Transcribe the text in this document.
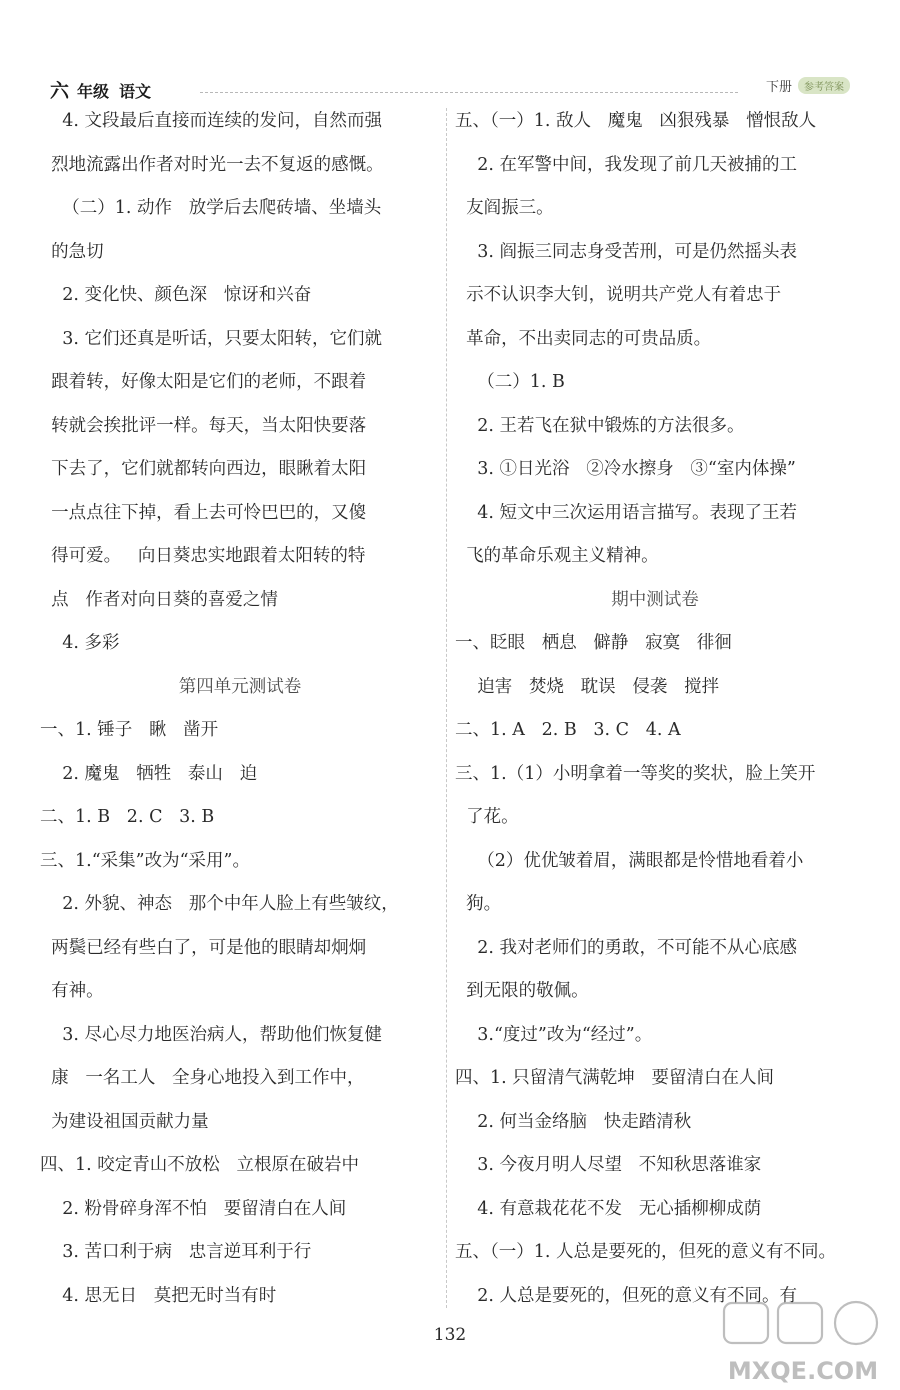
六 年级 语文	下册 参考答案
4. 文段最后直接而连续的发问，自然而强
烈地流露出作者对时光一去不复返的感慨。
（二）1. 动作   放学后去爬砖墙、坐墙头
的急切
2. 变化快、颜色深   惊讶和兴奋
3. 它们还真是听话，只要太阳转，它们就
跟着转，好像太阳是它们的老师，不跟着
转就会挨批评一样。每天，当太阳快要落
下去了，它们就都转向西边，眼瞅着太阳
一点点往下掉，看上去可怜巴巴的，又傻
得可爱。   向日葵忠实地跟着太阳转的特
点   作者对向日葵的喜爱之情
4. 多彩
第四单元测试卷
一、1. 锤子   瞅   凿开
2. 魔鬼   牺牲   泰山   迫
二、1. B   2. C   3. B
三、1.“采集”改为“采用”。
2. 外貌、神态   那个中年人脸上有些皱纹，
两鬓已经有些白了，可是他的眼睛却炯炯
有神。
3. 尽心尽力地医治病人，帮助他们恢复健
康   一名工人   全身心地投入到工作中，
为建设祖国贡献力量
四、1. 咬定青山不放松   立根原在破岩中
2. 粉骨碎身浑不怕   要留清白在人间
3. 苦口利于病   忠言逆耳利于行
4. 思无日   莫把无时当有时
五、（一）1. 敌人   魔鬼   凶狠残暴   憎恨敌人
2. 在军警中间，我发现了前几天被捕的工
友阎振三。
3. 阎振三同志身受苦刑，可是仍然摇头表
示不认识李大钊，说明共产党人有着忠于
革命，不出卖同志的可贵品质。
（二）1. B
2. 王若飞在狱中锻炼的方法很多。
3. ①日光浴   ②冷水擦身   ③“室内体操”
4. 短文中三次运用语言描写。表现了王若
飞的革命乐观主义精神。
期中测试卷
一、眨眼   栖息   僻静   寂寞   徘徊
迫害   焚烧   耽误   侵袭   搅拌
二、1. A   2. B   3. C   4. A
三、1.（1）小明拿着一等奖的奖状，脸上笑开
了花。
（2）优优皱着眉，满眼都是怜惜地看着小
狗。
2. 我对老师们的勇敢，不可能不从心底感
到无限的敬佩。
3.“度过”改为“经过”。
四、1. 只留清气满乾坤   要留清白在人间
2. 何当金络脑   快走踏清秋
3. 今夜月明人尽望   不知秋思落谁家
4. 有意栽花花不发   无心插柳柳成荫
五、（一）1. 人总是要死的，但死的意义有不同。
2. 人总是要死的，但死的意义有不同。有
132
MXQE.COM
